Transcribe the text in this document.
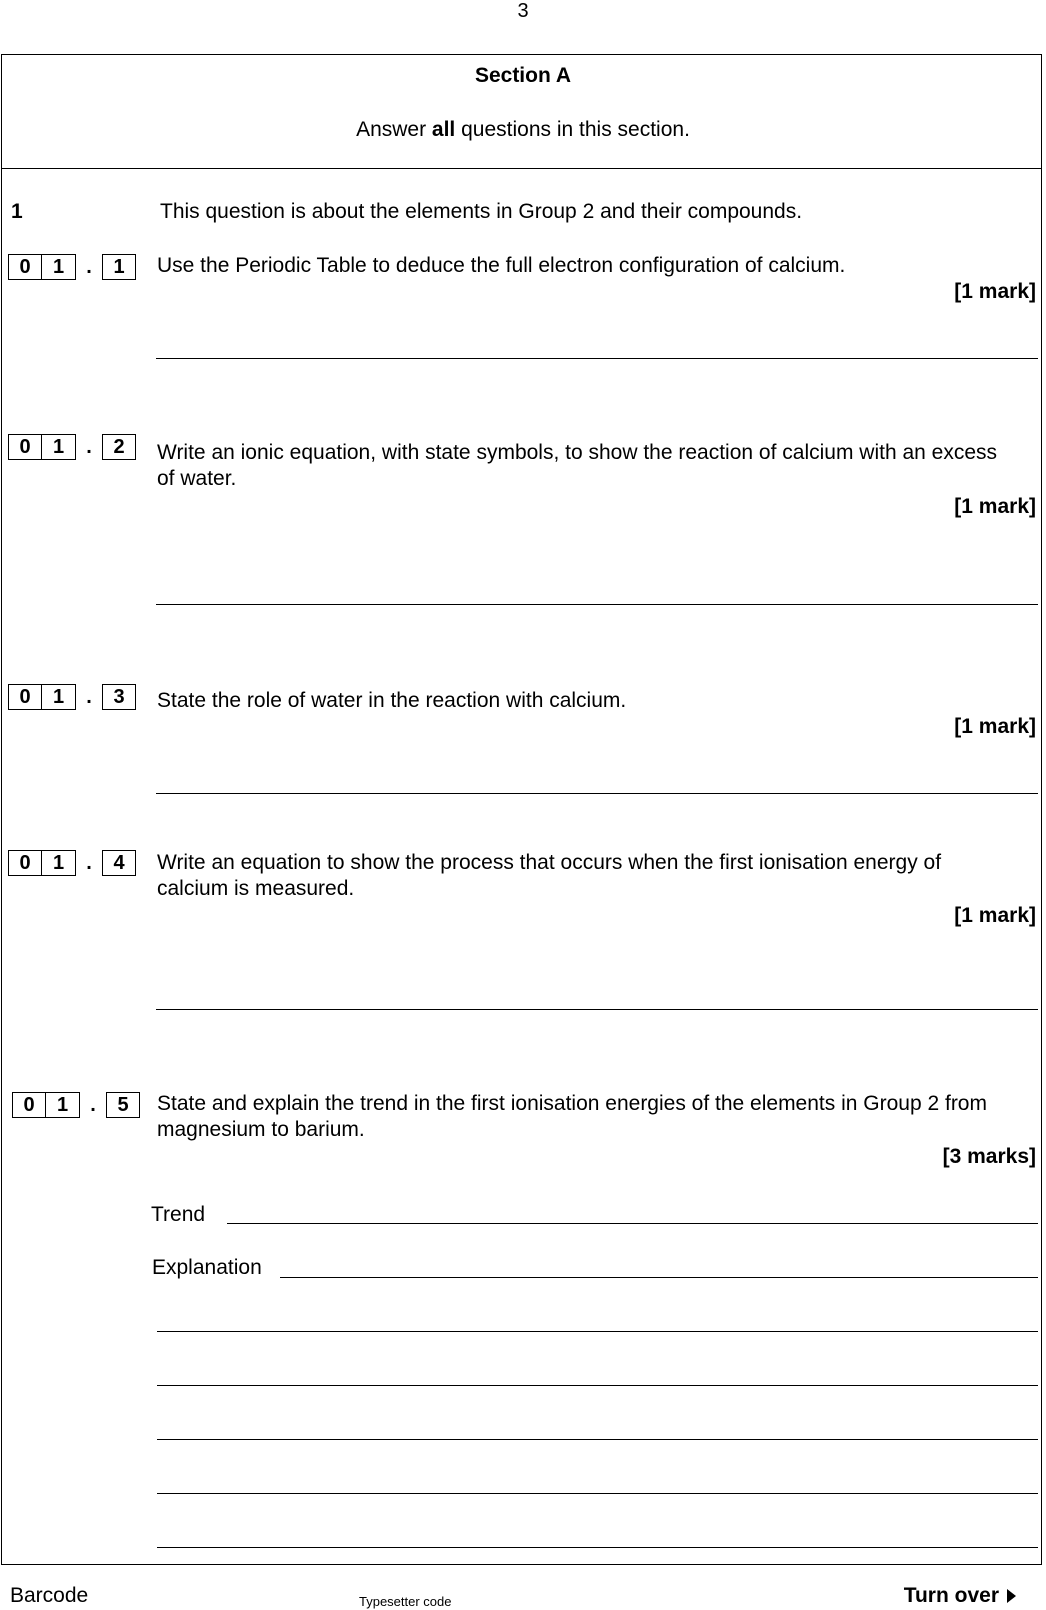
3
Section A
Answer all questions in this section.
1	This question is about the elements in Group 2 and their compounds.
0	1	.	1	Use the Periodic Table to deduce the full electron configuration of calcium.
[1 mark]
0	1	.	2	Write an ionic equation, with state symbols, to show the reaction of calcium with an excess of water.
[1 mark]
0	1	.	3	State the role of water in the reaction with calcium.
[1 mark]
0	1	.	4	Write an equation to show the process that occurs when the first ionisation energy of calcium is measured.
[1 mark]
0	1	.	5	State and explain the trend in the first ionisation energies of the elements in Group 2 from magnesium to barium.
[3 marks]
Trend
Explanation
Barcode	Typesetter code	Turn over
